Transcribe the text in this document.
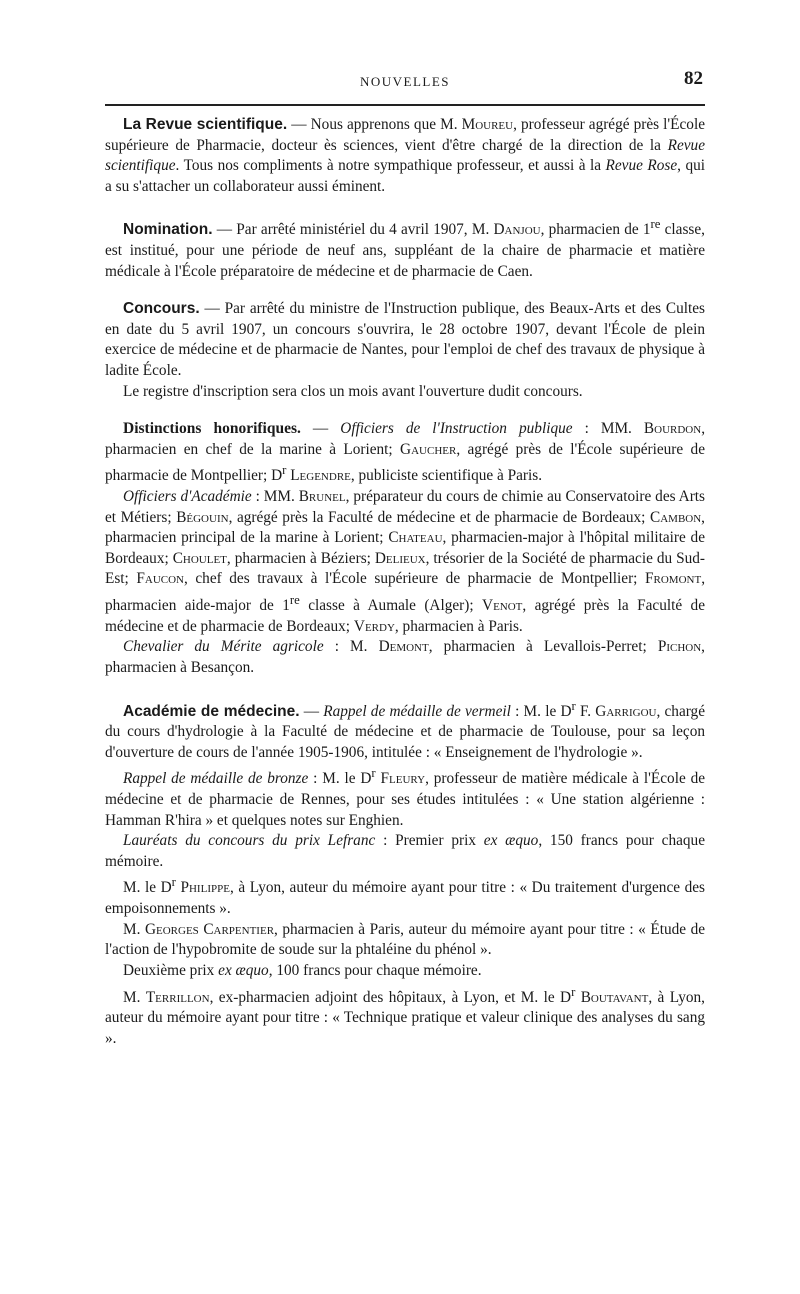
NOUVELLES	82

La Revue scientifique. — Nous apprenons que M. Moureu, professeur agrégé près l'École supérieure de Pharmacie, docteur ès sciences, vient d'être chargé de la direction de la Revue scientifique. Tous nos compliments à notre sympathique professeur, et aussi à la Revue Rose, qui a su s'attacher un collaborateur aussi éminent.

Nomination. — Par arrêté ministériel du 4 avril 1907, M. Danjou, pharmacien de 1re classe, est institué, pour une période de neuf ans, suppléant de la chaire de pharmacie et matière médicale à l'École préparatoire de médecine et de pharmacie de Caen.

Concours. — Par arrêté du ministre de l'Instruction publique, des Beaux-Arts et des Cultes en date du 5 avril 1907, un concours s'ouvrira, le 28 octobre 1907, devant l'École de plein exercice de médecine et de pharmacie de Nantes, pour l'emploi de chef des travaux de physique à ladite École.

Le registre d'inscription sera clos un mois avant l'ouverture dudit concours.

Distinctions honorifiques. — Officiers de l'Instruction publique : MM. Bourdon, pharmacien en chef de la marine à Lorient; Gaucher, agrégé près de l'École supérieure de pharmacie de Montpellier; $D^r$ Legendre, publiciste scientifique à Paris.

Officiers d'Académie : MM. Brunel, préparateur du cours de chimie au Conservatoire des Arts et Métiers; Bégouin, agrégé près la Faculté de médecine et de pharmacie de Bordeaux; Cambon, pharmacien principal de la marine à Lorient; Chateau, pharmacien-major à l'hôpital militaire de Bordeaux; Choulet, pharmacien à Béziers; Delieux, trésorier de la Société de pharmacie du Sud-Est; Faucon, chef des travaux à l'École supérieure de pharmacie de Montpellier; Fromont, pharmacien aide-major de 1re classe à Aumale (Alger); Venot, agrégé près la Faculté de médecine et de pharmacie de Bordeaux; Verdy, pharmacien à Paris.

Chevalier du Mérite agricole : M. Demont, pharmacien à Levallois-Perret; Pichon, pharmacien à Besançon.

Académie de médecine. — Rappel de médaille de vermeil : M. le $D^r$ F. Garrigou, chargé du cours d'hydrologie à la Faculté de médecine et de pharmacie de Toulouse, pour sa leçon d'ouverture de cours de l'année 1905-1906, intitulée : « Enseignement de l'hydrologie ».

Rappel de médaille de bronze : M. le $D^r$ Fleury, professeur de matière médicale à l'École de médecine et de pharmacie de Rennes, pour ses études intitulées : « Une station algérienne : Hamman R'hira » et quelques notes sur Enghien.

Lauréats du concours du prix Lefranc : Premier prix ex æquo, 150 francs pour chaque mémoire.

M. le $D^r$ Philippe, à Lyon, auteur du mémoire ayant pour titre : « Du traitement d'urgence des empoisonnements ».

M. Georges Carpentier, pharmacien à Paris, auteur du mémoire ayant pour titre : « Étude de l'action de l'hypobromite de soude sur la phtaléine du phénol ».

Deuxième prix ex æquo, 100 francs pour chaque mémoire.

M. Terrillon, ex-pharmacien adjoint des hôpitaux, à Lyon, et M. le $D^r$ Boutavant, à Lyon, auteur du mémoire ayant pour titre : « Technique pratique et valeur clinique des analyses du sang ».
